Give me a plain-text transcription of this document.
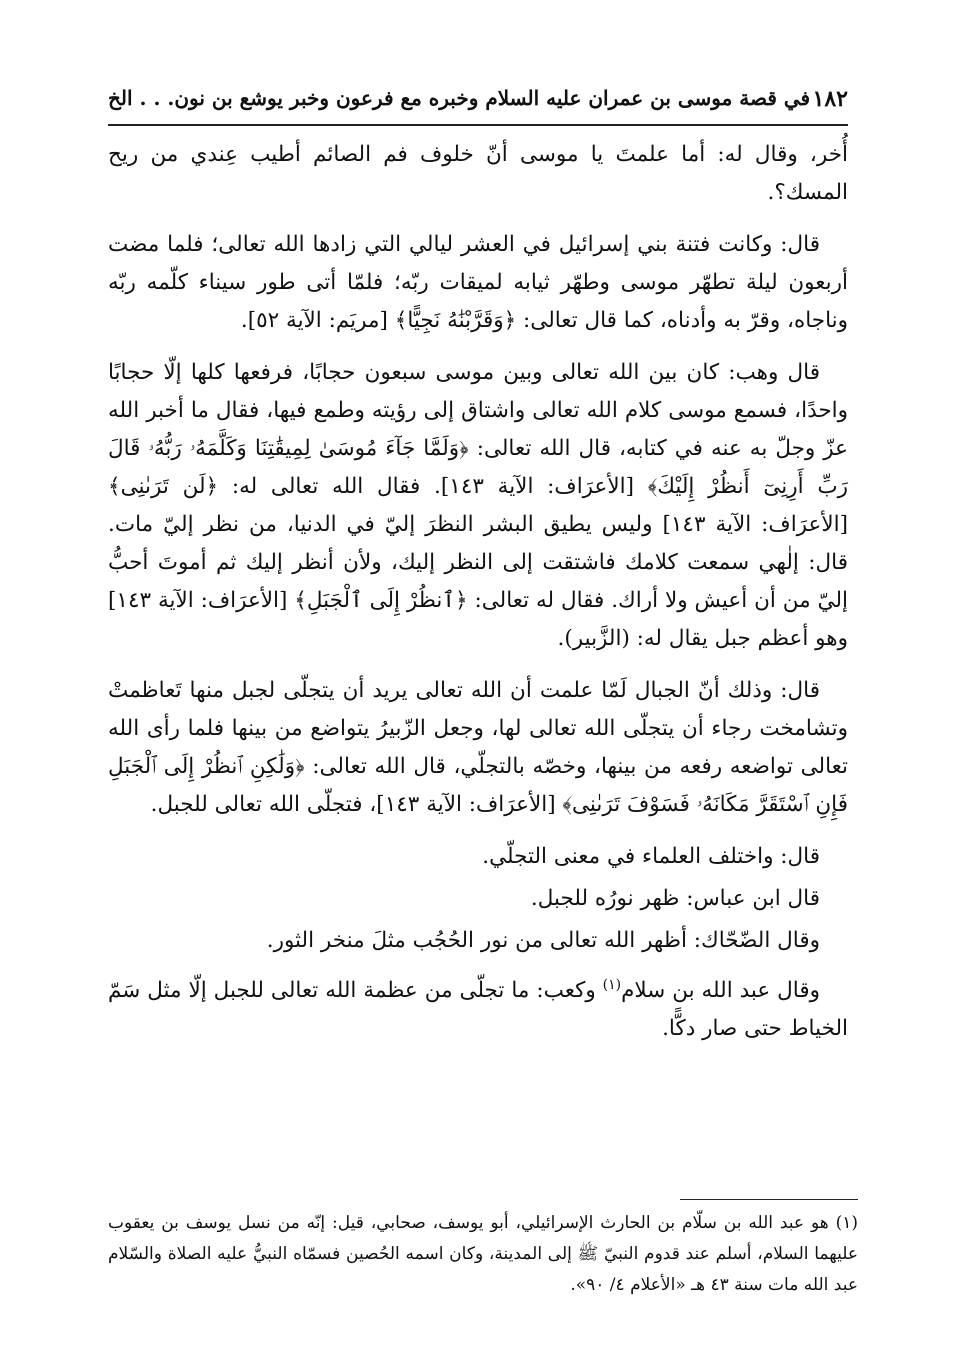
١٨٢
في قصة موسى بن عمران عليه السلام وخبره مع فرعون وخبر يوشع بن نون. . . الخ

أُخر، وقال له: أما علمتَ يا موسى أنّ خلوف فم الصائم أطيب عِندي من ريح المسك؟.

قال: وكانت فتنة بني إسرائيل في العشر ليالي التي زادها الله تعالى؛ فلما مضت أربعون ليلة تطهّر موسى وطهّر ثيابه لميقات ربّه؛ فلمّا أتى طور سيناء كلّمه ربّه وناجاه، وقرّ به وأدناه، كما قال تعالى: ﴿وَقَرَّبْنَٰهُ نَجِيًّا﴾ [مريَم: الآية ٥٢].

قال وهب: كان بين الله تعالى وبين موسى سبعون حجابًا، فرفعها كلها إلّا حجابًا واحدًا، فسمع موسى كلام الله تعالى واشتاق إلى رؤيته وطمع فيها، فقال ما أخبر الله عزّ وجلّ به عنه في كتابه، قال الله تعالى: ﴿وَلَمَّا جَآءَ مُوسَىٰ لِمِيقَٰتِنَا وَكَلَّمَهُۥ رَبُّهُۥ قَالَ رَبِّ أَرِنِىٓ أَنظُرْ إِلَيْكَ﴾ [الأعرَاف: الآية ١٤٣]. فقال الله تعالى له: ﴿لَن تَرَىٰنِى﴾ [الأعرَاف: الآية ١٤٣] وليس يطيق البشر النظرَ إليّ في الدنيا، من نظر إليّ مات. قال: إلٰهي سمعت كلامك فاشتقت إلى النظر إليك، ولأن أنظر إليك ثم أموتَ أحبُّ إليّ من أن أعيش ولا أراك. فقال له تعالى: ﴿ٱنظُرْ إِلَى ٱلْجَبَلِ﴾ [الأعرَاف: الآية ١٤٣] وهو أعظم جبل يقال له: (الزَّبير).

قال: وذلك أنّ الجبال لَمّا علمت أن الله تعالى يريد أن يتجلّى لجبل منها تَعاظمتْ وتشامخت رجاء أن يتجلّى الله تعالى لها، وجعل الزّبيرُ يتواضع من بينها فلما رأى الله تعالى تواضعه رفعه من بينها، وخصّه بالتجلّي، قال الله تعالى: ﴿وَلَٰكِنِ ٱنظُرْ إِلَى ٱلْجَبَلِ فَإِنِ ٱسْتَقَرَّ مَكَانَهُۥ فَسَوْفَ تَرَىٰنِى﴾ [الأعرَاف: الآية ١٤٣]، فتجلّى الله تعالى للجبل.

قال: واختلف العلماء في معنى التجلّي.

قال ابن عباس: ظهر نورُه للجبل.

وقال الضّحّاك: أظهر الله تعالى من نور الحُجُب مثلَ منخر الثور.

وقال عبد الله بن سلام$^{(١)}$ وكعب: ما تجلّى من عظمة الله تعالى للجبل إلّا مثل سَمّ الخياط حتى صار دكًّا.

(١) هو عبد الله بن سلّام بن الحارث الإسرائيلي، أبو يوسف، صحابي، قيل: إنّه من نسل يوسف بن يعقوب عليهما السلام، أسلم عند قدوم النبيّ ﷺ إلى المدينة، وكان اسمه الحُصين فسمّاه النبيُّ عليه الصلاة والسّلام عبد الله مات سنة ٤٣ هـ «الأعلام ٤/ ٩٠».
